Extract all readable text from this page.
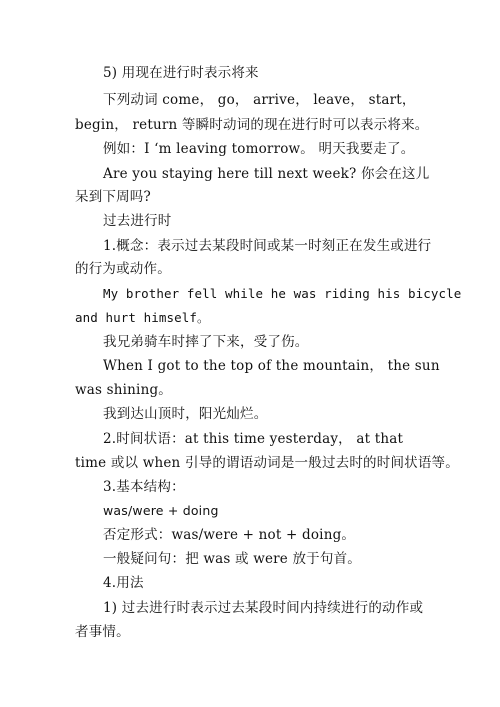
5) 用现在进行时表示将来
下列动词 come， go， arrive， leave， start，
begin， return 等瞬时动词的现在进行时可以表示将来。
例如：I ‘m leaving tomorrow。 明天我要走了。
Are you staying here till next week? 你会在这儿
呆到下周吗?
过去进行时
1.概念：表示过去某段时间或某一时刻正在发生或进行
的行为或动作。
My brother fell while he was riding his bicycle
and hurt himself。
我兄弟骑车时摔了下来，受了伤。
When I got to the top of the mountain， the sun
was shining。
我到达山顶时，阳光灿烂。
2.时间状语：at this time yesterday， at that
time 或以 when 引导的谓语动词是一般过去时的时间状语等。
3.基本结构：
was/were + doing
否定形式：was/were + not + doing。
一般疑问句：把 was 或 were 放于句首。
4.用法
1) 过去进行时表示过去某段时间内持续进行的动作或
者事情。
